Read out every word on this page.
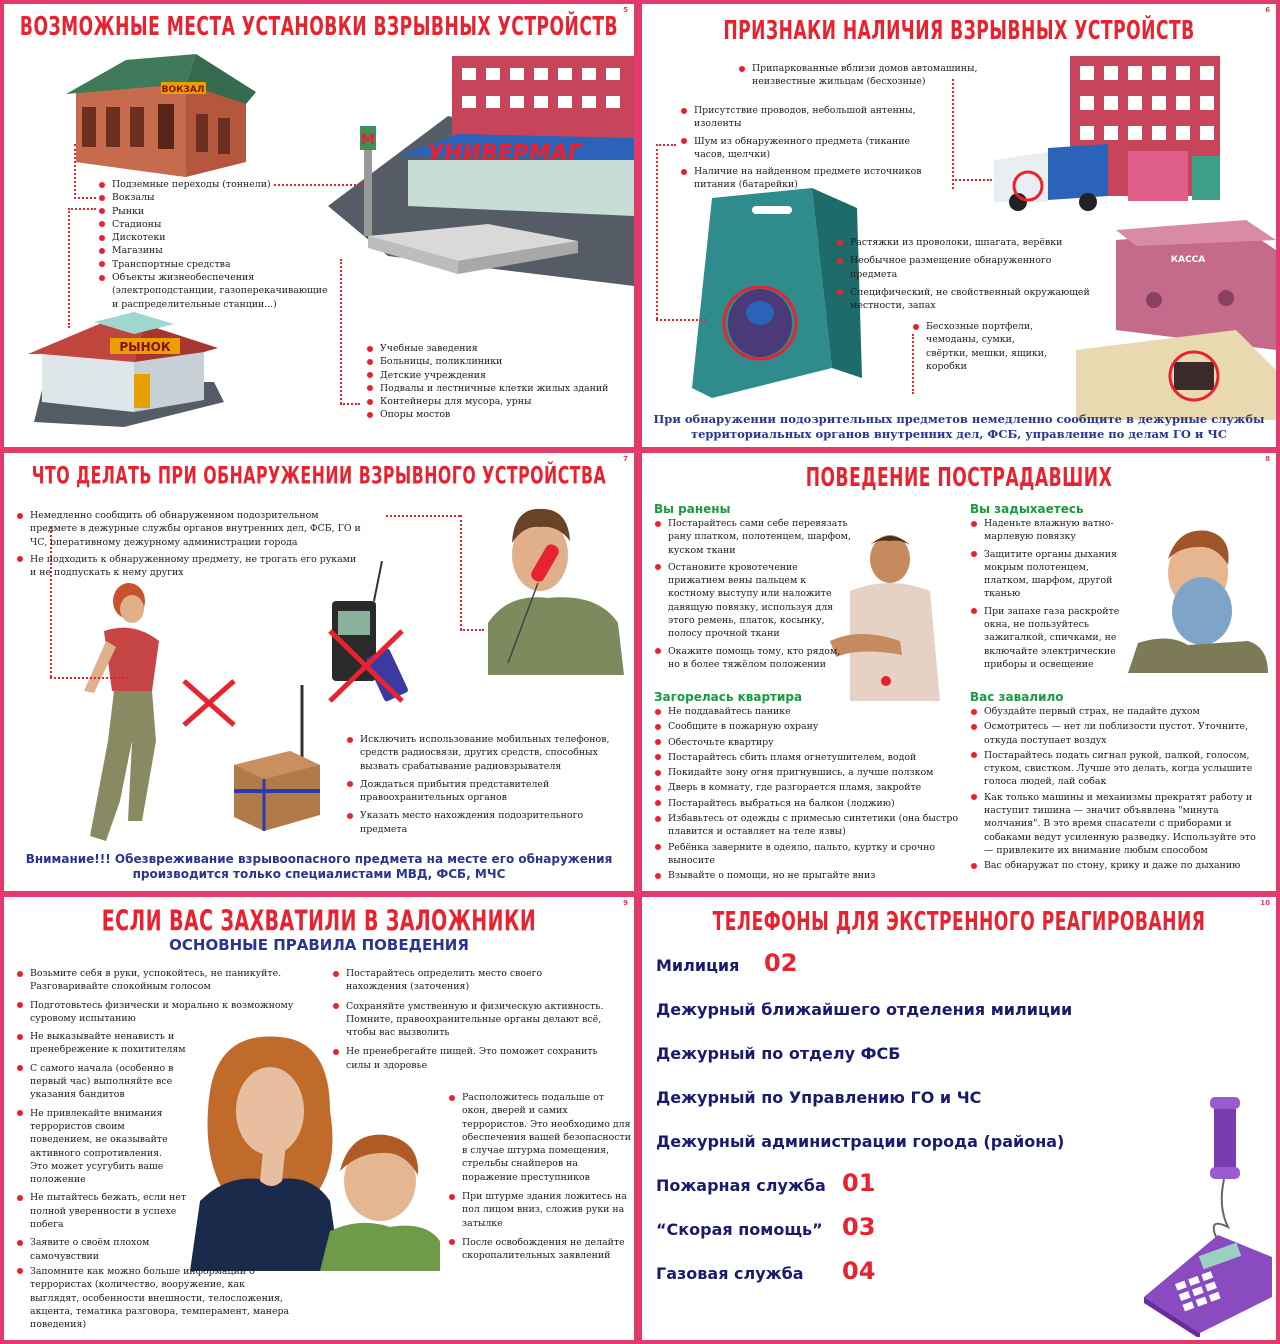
5
ВОЗМОЖНЫЕ МЕСТА УСТАНОВКИ ВЗРЫВНЫХ УСТРОЙСТВ
ВОКЗАЛ
УНИВЕРМАГ
М
РЫНОК
Подземные переходы (тоннели)
Вокзалы
Рынки
Стадионы
Дискотеки
Магазины
Транспортные средства
Объекты жизнеобеспечения (электроподстанции, газоперекачивающие и распределительные станции...)
Учебные заведения
Больницы, поликлиники
Детские учреждения
Подвалы и лестничные клетки жилых зданий
Контейнеры для мусора, урны
Опоры мостов
6
ПРИЗНАКИ НАЛИЧИЯ ВЗРЫВНЫХ УСТРОЙСТВ
КАССА
Припаркованные вблизи домов автомашины, неизвестные жильцам (бесхозные)
Присутствие проводов, небольшой антенны, изоленты
Шум из обнаруженного предмета (тикание часов, щелчки)
Наличие на найденном предмете источников питания (батарейки)
Растяжки из проволоки, шпагата, верёвки
Необычное размещение обнаруженного предмета
Специфический, не свойственный окружающей местности, запах
Бесхозные портфели, чемоданы, сумки, свёртки, мешки, ящики, коробки
При обнаружении подозрительных предметов немедленно сообщите в дежурные службы территориальных органов внутренних дел, ФСБ, управление по делам ГО и ЧС
7
ЧТО ДЕЛАТЬ ПРИ ОБНАРУЖЕНИИ ВЗРЫВНОГО УСТРОЙСТВА
Немедленно сообщить об обнаруженном подозрительном предмете в дежурные службы органов внутренних дел, ФСБ, ГО и ЧС, оперативному дежурному администрации города
Не подходить к обнаруженному предмету, не трогать его руками и не подпускать к нему других
Исключить использование мобильных телефонов, средств радиосвязи, других средств, способных вызвать срабатывание радиовзрывателя
Дождаться прибытия представителей правоохранительных органов
Указать место нахождения подозрительного предмета
Внимание!!! Обезвреживание взрывоопасного предмета на месте его обнаружения производится только специалистами МВД, ФСБ, МЧС
8
ПОВЕДЕНИЕ ПОСТРАДАВШИХ
Вы ранены
Постарайтесь сами себе перевязать рану платком, полотенцем, шарфом, куском ткани
Остановите кровотечение прижатием вены пальцем к костному выступу или наложите давящую повязку, используя для этого ремень, платок, косынку, полосу прочной ткани
Окажите помощь тому, кто рядом, но в более тяжёлом положении
Вы задыхаетесь
Наденьте влажную ватно-марлевую повязку
Защитите органы дыхания мокрым полотенцем, платком, шарфом, другой тканью
При запахе газа раскройте окна, не пользуйтесь зажигалкой, спичками, не включайте электрические приборы и освещение
Загорелась квартира
Не поддавайтесь панике
Сообщите в пожарную охрану
Обесточьте квартиру
Постарайтесь сбить пламя огнетушителем, водой
Покидайте зону огня пригнувшись, а лучше ползком
Дверь в комнату, где разгорается пламя, закройте
Постарайтесь выбраться на балкон (лоджию)
Избавьтесь от одежды с примесью синтетики (она быстро плавится и оставляет на теле язвы)
Ребёнка заверните в одеяло, пальто, куртку и срочно выносите
Взывайте о помощи, но не прыгайте вниз
Вас завалило
Обуздайте первый страх, не падайте духом
Осмотритесь — нет ли поблизости пустот. Уточните, откуда поступает воздух
Постарайтесь подать сигнал рукой, палкой, голосом, стуком, свистком. Лучше это делать, когда услышите голоса людей, лай собак
Как только машины и механизмы прекратят работу и наступит тишина — значит объявлена "минута молчания". В это время спасатели с приборами и собаками ведут усиленную разведку. Используйте это — привлеките их внимание любым способом
Вас обнаружат по стону, крику и даже по дыханию
9
ЕСЛИ ВАС ЗАХВАТИЛИ В ЗАЛОЖНИКИ
ОСНОВНЫЕ ПРАВИЛА ПОВЕДЕНИЯ
Возьмите себя в руки, успокойтесь, не паникуйте. Разговаривайте спокойным голосом
Подготовьтесь физически и морально к возможному суровому испытанию
Не выказывайте ненависть и пренебрежение к похитителям
С самого начала (особенно в первый час) выполняйте все указания бандитов
Не привлекайте внимания террористов своим поведением, не оказывайте активного сопротивления. Это может усугубить ваше положение
Не пытайтесь бежать, если нет полной уверенности в успехе побега
Заявите о своём плохом самочувствии
Запомните как можно больше информации о террористах (количество, вооружение, как выглядят, особенности внешности, телосложения, акцента, тематика разговора, темперамент, манера поведения)
Постарайтесь определить место своего нахождения (заточения)
Сохраняйте умственную и физическую активность. Помните, правоохранительные органы делают всё, чтобы вас вызволить
Не пренебрегайте пищей. Это поможет сохранить силы и здоровье
Расположитесь подальше от окон, дверей и самих террористов. Это необходимо для обеспечения вашей безопасности в случае штурма помещения, стрельбы снайперов на поражение преступников
При штурме здания ложитесь на пол лицом вниз, сложив руки на затылке
После освобождения не делайте скоропалительных заявлений
10
ТЕЛЕФОНЫ ДЛЯ ЭКСТРЕННОГО РЕАГИРОВАНИЯ
Милиция 02
Дежурный ближайшего отделения милиции
Дежурный по отделу ФСБ
Дежурный по Управлению ГО и ЧС
Дежурный администрации города (района)
Пожарная служба 01
“Скорая помощь” 03
Газовая служба 04
